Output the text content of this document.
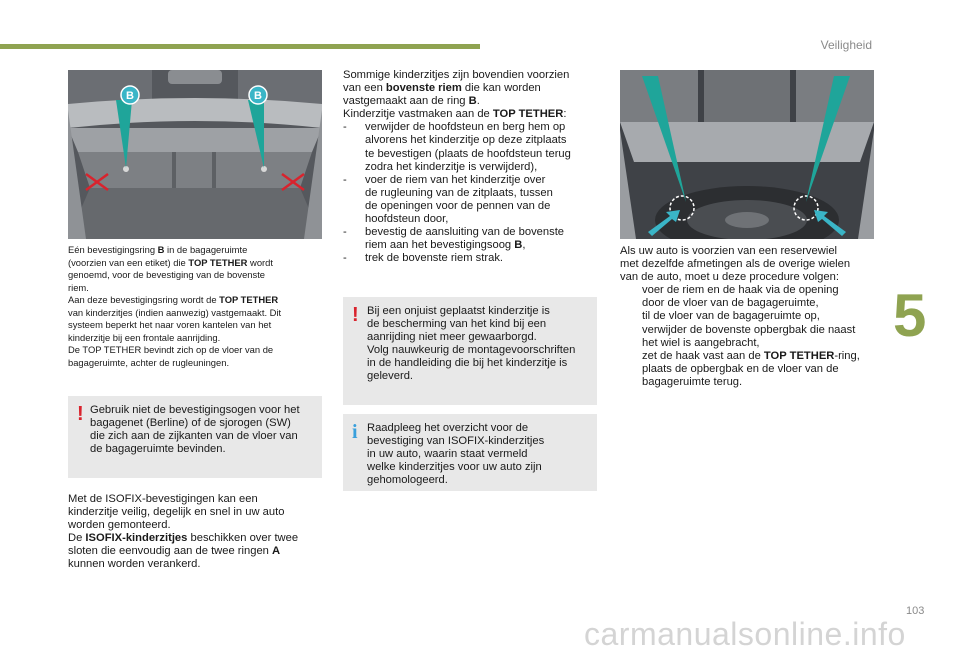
Veiligheid
5
103
carmanualsonline.info
B	B

Eén bevestigingsring B in de bagageruimte

(voorzien van een etiket) die TOP TETHER wordt

genoemd, voor de bevestiging van de bovenste

riem.

Aan deze bevestigingsring wordt de TOP TETHER

van kinderzitjes (indien aanwezig) vastgemaakt. Dit

systeem beperkt het naar voren kantelen van het

kinderzitje bij een frontale aanrijding.

De TOP TETHER bevindt zich op de vloer van de

bagageruimte, achter de rugleuningen.

! Gebruik niet de bevestigingsogen voor het
bagagenet (Berline) of de sjorogen (SW)
die zich aan de zijkanten van de vloer van
de bagageruimte bevinden.

Met de ISOFIX-bevestigingen kan een

kinderzitje veilig, degelijk en snel in uw auto

worden gemonteerd.

De ISOFIX-kinderzitjes beschikken over twee

sloten die eenvoudig aan de twee ringen A

kunnen worden verankerd.

Sommige kinderzitjes zijn bovendien voorzien

van een bovenste riem die kan worden

vastgemaakt aan de ring B.

Kinderzitje vastmaken aan de TOP TETHER:

- verwijder de hoofdsteun en berg hem op
alvorens het kinderzitje op deze zitplaats
te bevestigen (plaats de hoofdsteun terug
zodra het kinderzitje is verwijderd),
- voer de riem van het kinderzitje over
de rugleuning van de zitplaats, tussen
de openingen voor de pennen van de
hoofdsteun door,
- bevestig de aansluiting van de bovenste
riem aan het bevestigingsoog B,
- trek de bovenste riem strak.
! Bij een onjuist geplaatst kinderzitje is
de bescherming van het kind bij een
aanrijding niet meer gewaarborgd.
Volg nauwkeurig de montagevoorschriften
in de handleiding die bij het kinderzitje is
geleverd.
i Raadpleeg het overzicht voor de
bevestiging van ISOFIX-kinderzitjes
in uw auto, waarin staat vermeld
welke kinderzitjes voor uw auto zijn
gehomologeerd.

Als uw auto is voorzien van een reservewiel

met dezelfde afmetingen als de overige wielen

van de auto, moet u deze procedure volgen:

voer de riem en de haak via de opening
door de vloer van de bagageruimte,
til de vloer van de bagageruimte op,
verwijder de bovenste opbergbak die naast
het wiel is aangebracht,
zet de haak vast aan de TOP TETHER-ring,
plaats de opbergbak en de vloer van de
bagageruimte terug.
